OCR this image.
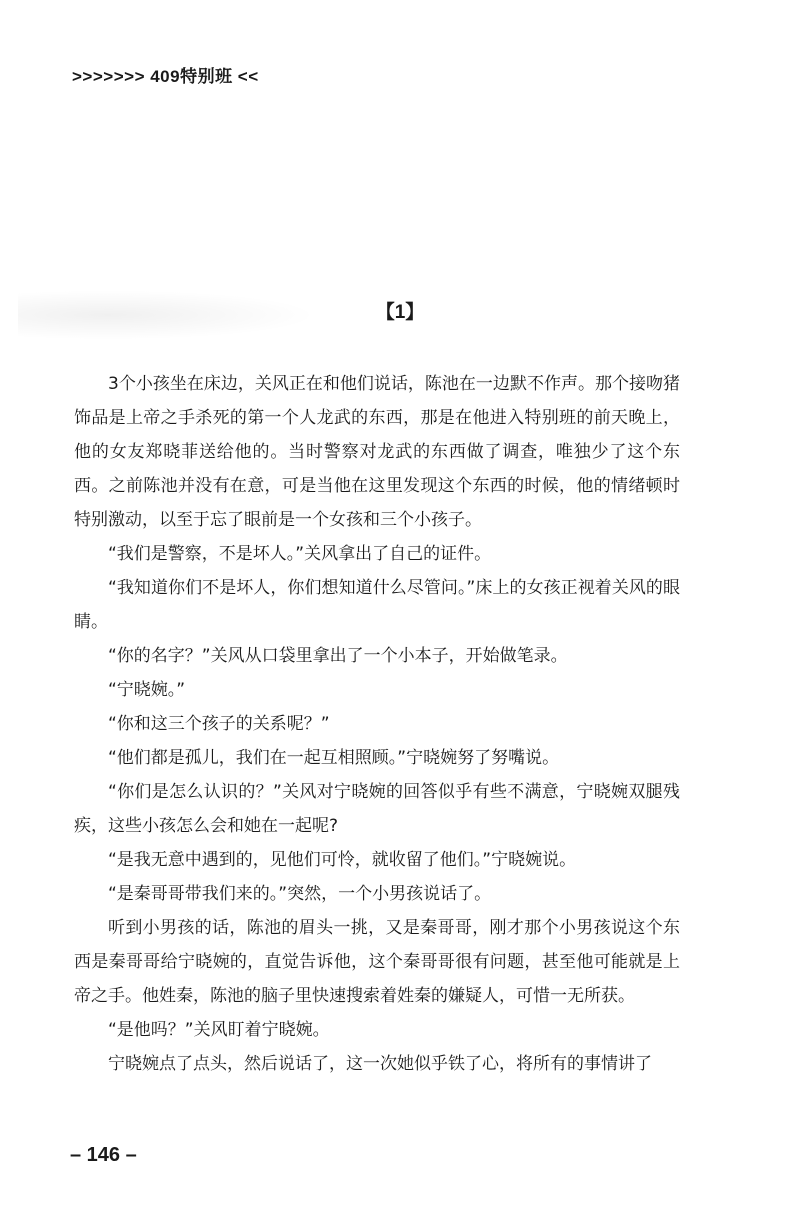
>>>>>>> 409特别班 <<
【1】

3个小孩坐在床边，关风正在和他们说话，陈池在一边默不作声。那个接吻猪饰品是上帝之手杀死的第一个人龙武的东西，那是在他进入特别班的前天晚上，他的女友郑晓菲送给他的。当时警察对龙武的东西做了调查，唯独少了这个东西。之前陈池并没有在意，可是当他在这里发现这个东西的时候，他的情绪顿时特别激动，以至于忘了眼前是一个女孩和三个小孩子。

“我们是警察，不是坏人。”关风拿出了自己的证件。

“我知道你们不是坏人，你们想知道什么尽管问。”床上的女孩正视着关风的眼睛。

“你的名字？”关风从口袋里拿出了一个小本子，开始做笔录。

“宁晓婉。”

“你和这三个孩子的关系呢？”

“他们都是孤儿，我们在一起互相照顾。”宁晓婉努了努嘴说。

“你们是怎么认识的？”关风对宁晓婉的回答似乎有些不满意，宁晓婉双腿残疾，这些小孩怎么会和她在一起呢?

“是我无意中遇到的，见他们可怜，就收留了他们。”宁晓婉说。

“是秦哥哥带我们来的。”突然，一个小男孩说话了。

听到小男孩的话，陈池的眉头一挑，又是秦哥哥，刚才那个小男孩说这个东西是秦哥哥给宁晓婉的，直觉告诉他，这个秦哥哥很有问题，甚至他可能就是上帝之手。他姓秦，陈池的脑子里快速搜索着姓秦的嫌疑人，可惜一无所获。

“是他吗？”关风盯着宁晓婉。

宁晓婉点了点头，然后说话了，这一次她似乎铁了心，将所有的事情讲了

– 146 –
